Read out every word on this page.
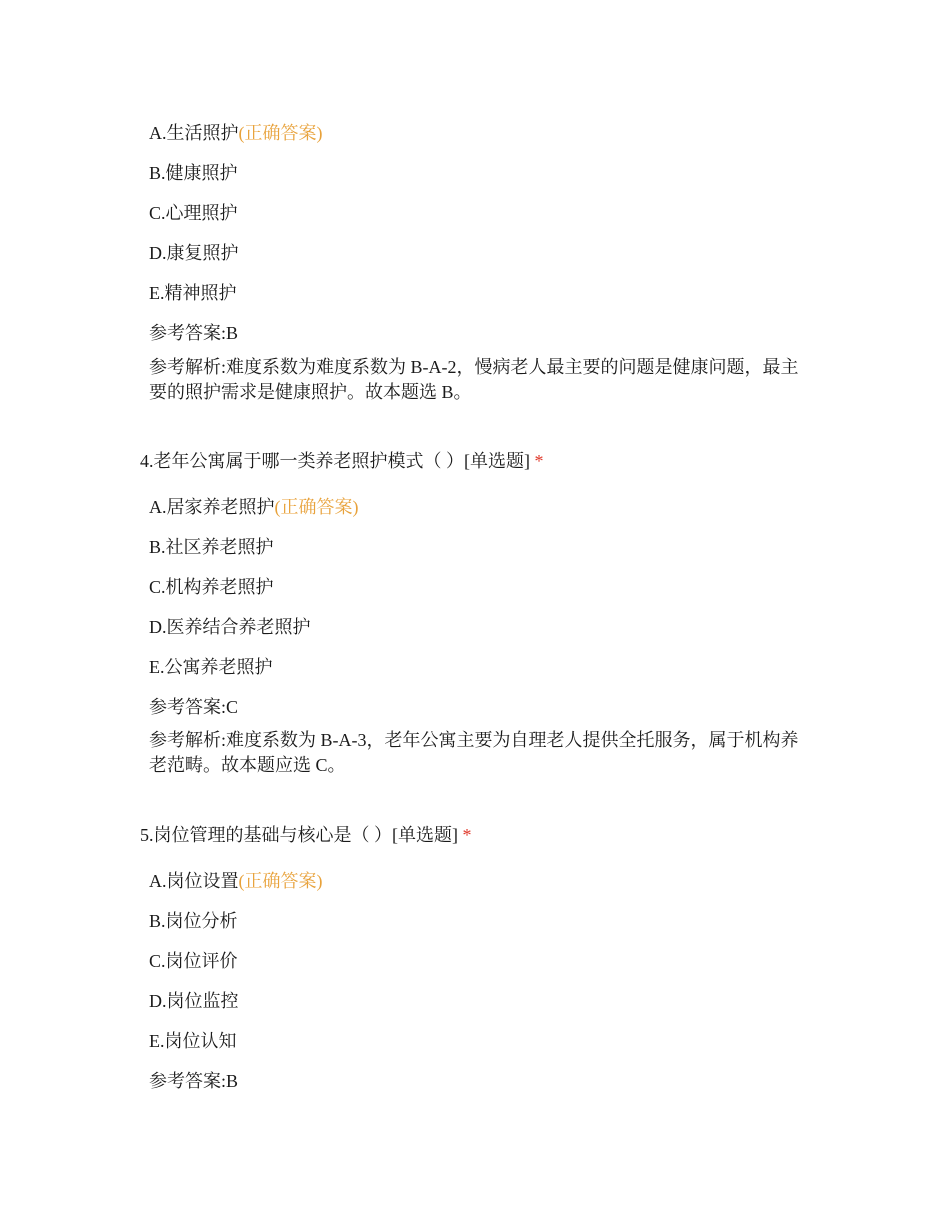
A.生活照护(正确答案)
B.健康照护
C.心理照护
D.康复照护
E.精神照护
参考答案:B
参考解析:难度系数为难度系数为 B-A-2，慢病老人最主要的问题是健康问题，最主要的照护需求是健康照护。故本题选 B。
4.老年公寓属于哪一类养老照护模式（ ）[单选题] *
A.居家养老照护(正确答案)
B.社区养老照护
C.机构养老照护
D.医养结合养老照护
E.公寓养老照护
参考答案:C
参考解析:难度系数为 B-A-3，老年公寓主要为自理老人提供全托服务，属于机构养老范畴。故本题应选 C。
5.岗位管理的基础与核心是（ ）[单选题] *
A.岗位设置(正确答案)
B.岗位分析
C.岗位评价
D.岗位监控
E.岗位认知
参考答案:B
